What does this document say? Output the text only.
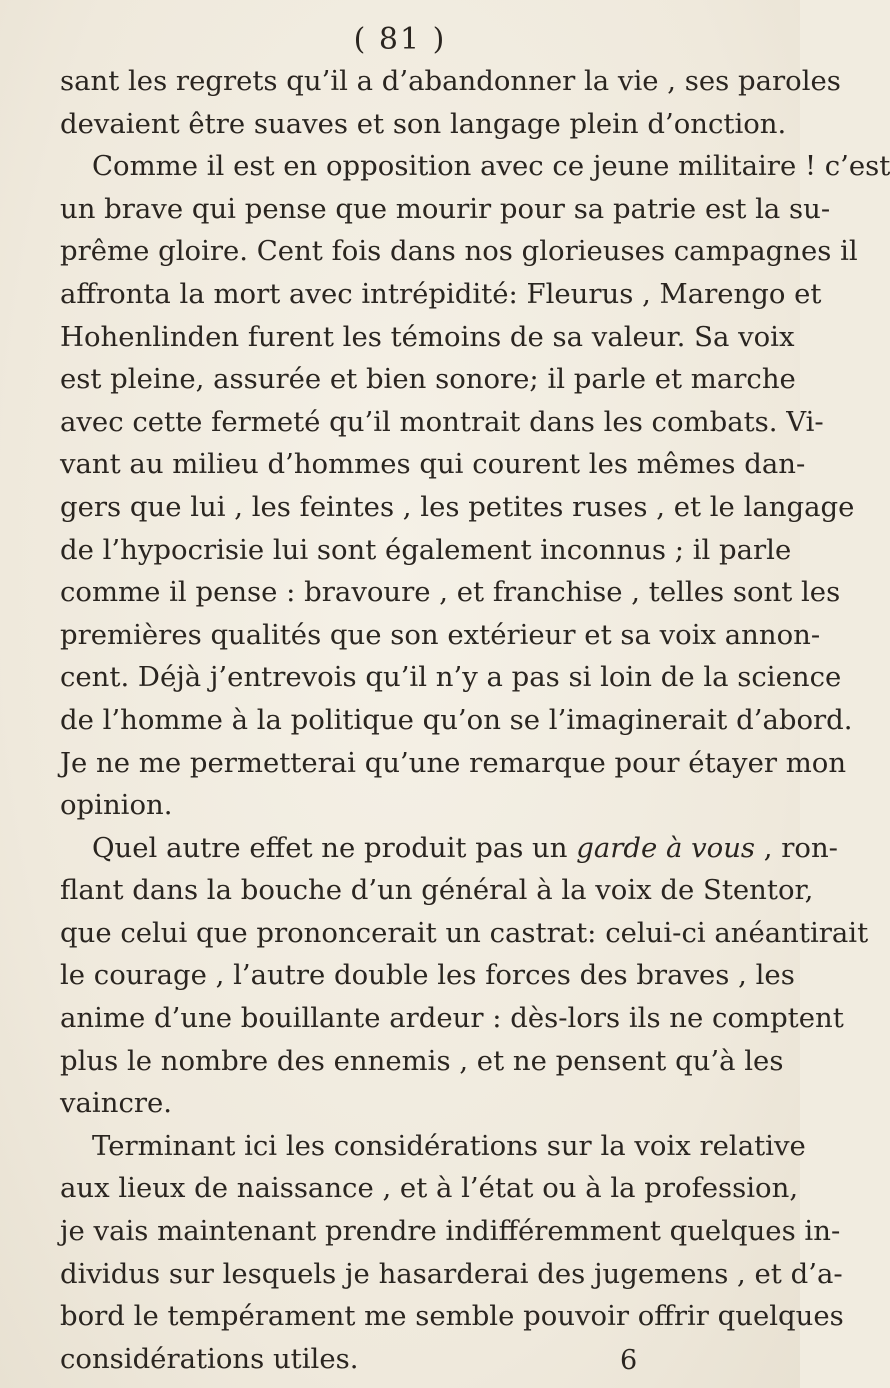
( 81 )
sant les regrets qu’il a d’abandonner la vie , ses paroles
devaient être suaves et son langage plein d’onction.
Comme il est en opposition avec ce jeune militaire ! c’est
un brave qui pense que mourir pour sa patrie est la su-
prême gloire. Cent fois dans nos glorieuses campagnes il
affronta la mort avec intrépidité: Fleurus , Marengo et
Hohenlinden furent les témoins de sa valeur. Sa voix
est pleine, assurée et bien sonore; il parle et marche
avec cette fermeté qu’il montrait dans les combats. Vi-
vant au milieu d’hommes qui courent les mêmes dan-
gers que lui , les feintes , les petites ruses , et le langage
de l’hypocrisie lui sont également inconnus ; il parle
comme il pense : bravoure , et franchise , telles sont les
premières qualités que son extérieur et sa voix annon-
cent. Déjà j’entrevois qu’il n’y a pas si loin de la science
de l’homme à la politique qu’on se l’imaginerait d’abord.
Je ne me permetterai qu’une remarque pour étayer mon
opinion.
Quel autre effet ne produit pas un garde à vous , ron-
flant dans la bouche d’un général à la voix de Stentor,
que celui que prononcerait un castrat: celui-ci anéantirait
le courage , l’autre double les forces des braves , les
anime d’une bouillante ardeur : dès-lors ils ne comptent
plus le nombre des ennemis , et ne pensent qu’à les
vaincre.
Terminant ici les considérations sur la voix relative
aux lieux de naissance , et à l’état ou à la profession,
je vais maintenant prendre indifféremment quelques in-
dividus sur lesquels je hasarderai des jugemens , et d’a-
bord le tempérament me semble pouvoir offrir quelques
considérations utiles.	6
